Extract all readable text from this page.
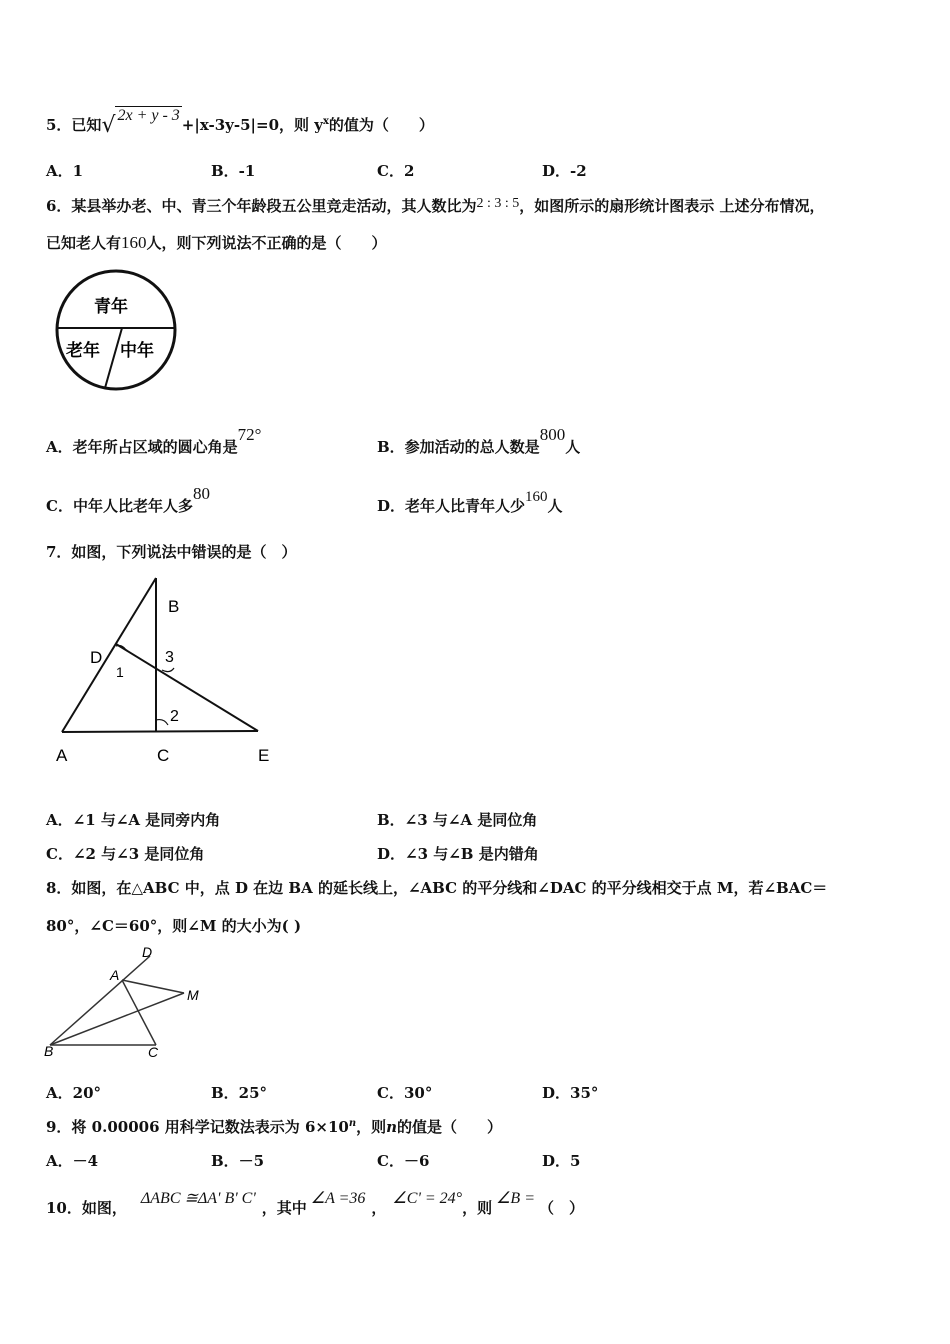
5．已知√ 2x + y - 3+|x-3y-5|=0，则 $y^x$的值为（　　）
A．1	B．-1	C．2	D．-2
6．某县举办老、中、青三个年龄段五公里竞走活动，其人数比为2 : 3 : 5，如图所示的扇形统计图表示 上述分布情况，
已知老人有160人，则下列说法不正确的是（　　）
青年
老年 中年
A．老年所占区域的圆心角是72°
B．参加活动的总人数是800人
C．中年人比老年人多80
D．老年人比青年人少160人
7．如图，下列说法中错误的是（　）
B
D
1
3
2
A	C	E
A．∠1 与∠A 是同旁内角	B．∠3 与∠A 是同位角
C．∠2 与∠3 是同位角	D．∠3 与∠B 是内错角
8．如图，在△ABC 中，点 D 在边 BA 的延长线上，∠ABC 的平分线和∠DAC 的平分线相交于点 M，若∠BAC＝
80°，∠C＝60°，则∠M 的大小为( )
D
A
M
B	C
A．20°	B．25°	C．30°	D．35°
9．将 0.00006 用科学记数法表示为 $6\times 10^n$，则n的值是（　　）
A．－4	B．－5	C．－6	D．5
10．如图，ΔABC ≅ΔA' B' C'，其中∠A =36，∠C' = 24°，则∠B =（　）
